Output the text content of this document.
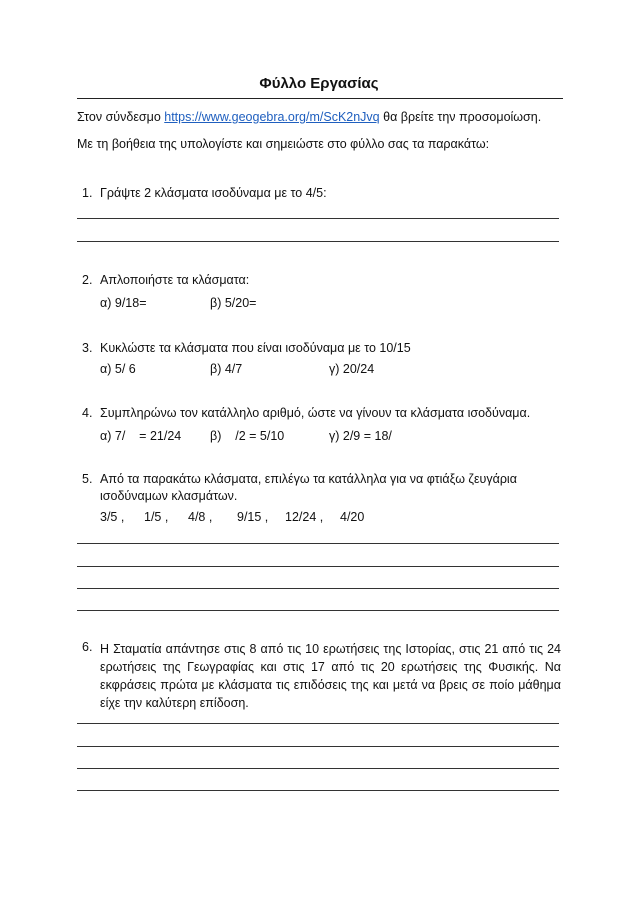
Φύλλο Εργασίας
Στον σύνδεσμο https://www.geogebra.org/m/ScK2nJvq θα βρείτε την προσομοίωση.
Με τη βοήθεια της υπολογίστε και σημειώστε στο φύλλο σας τα παρακάτω:
1. Γράψτε 2 κλάσματα ισοδύναμα με το 4/5:
2. Απλοποιήστε τα κλάσματα:
α) 9/18=	β) 5/20=
3. Κυκλώστε τα κλάσματα που είναι ισοδύναμα με το 10/15
α) 5/ 6	β) 4/7	γ) 20/24
4. Συμπληρώνω τον κατάλληλο αριθμό, ώστε να γίνουν τα κλάσματα ισοδύναμα.
α) 7/    = 21/24 β)    /2 = 5/10	γ) 2/9 = 18/
5. Από τα παρακάτω κλάσματα, επιλέγω τα κατάλληλα για να φτιάξω ζευγάρια
ισοδύναμων κλασμάτων.
3/5 , 1/5 , 4/8 , 9/15 , 12/24 , 4/20
6. Η Σταματία απάντησε στις 8 από τις 10 ερωτήσεις της Ιστορίας, στις 21 από τις 24 ερωτήσεις της Γεωγραφίας και στις 17 από τις 20 ερωτήσεις της Φυσικής. Να εκφράσεις πρώτα με κλάσματα τις επιδόσεις της και μετά να βρεις σε ποίο μάθημα είχε την καλύτερη επίδοση.
